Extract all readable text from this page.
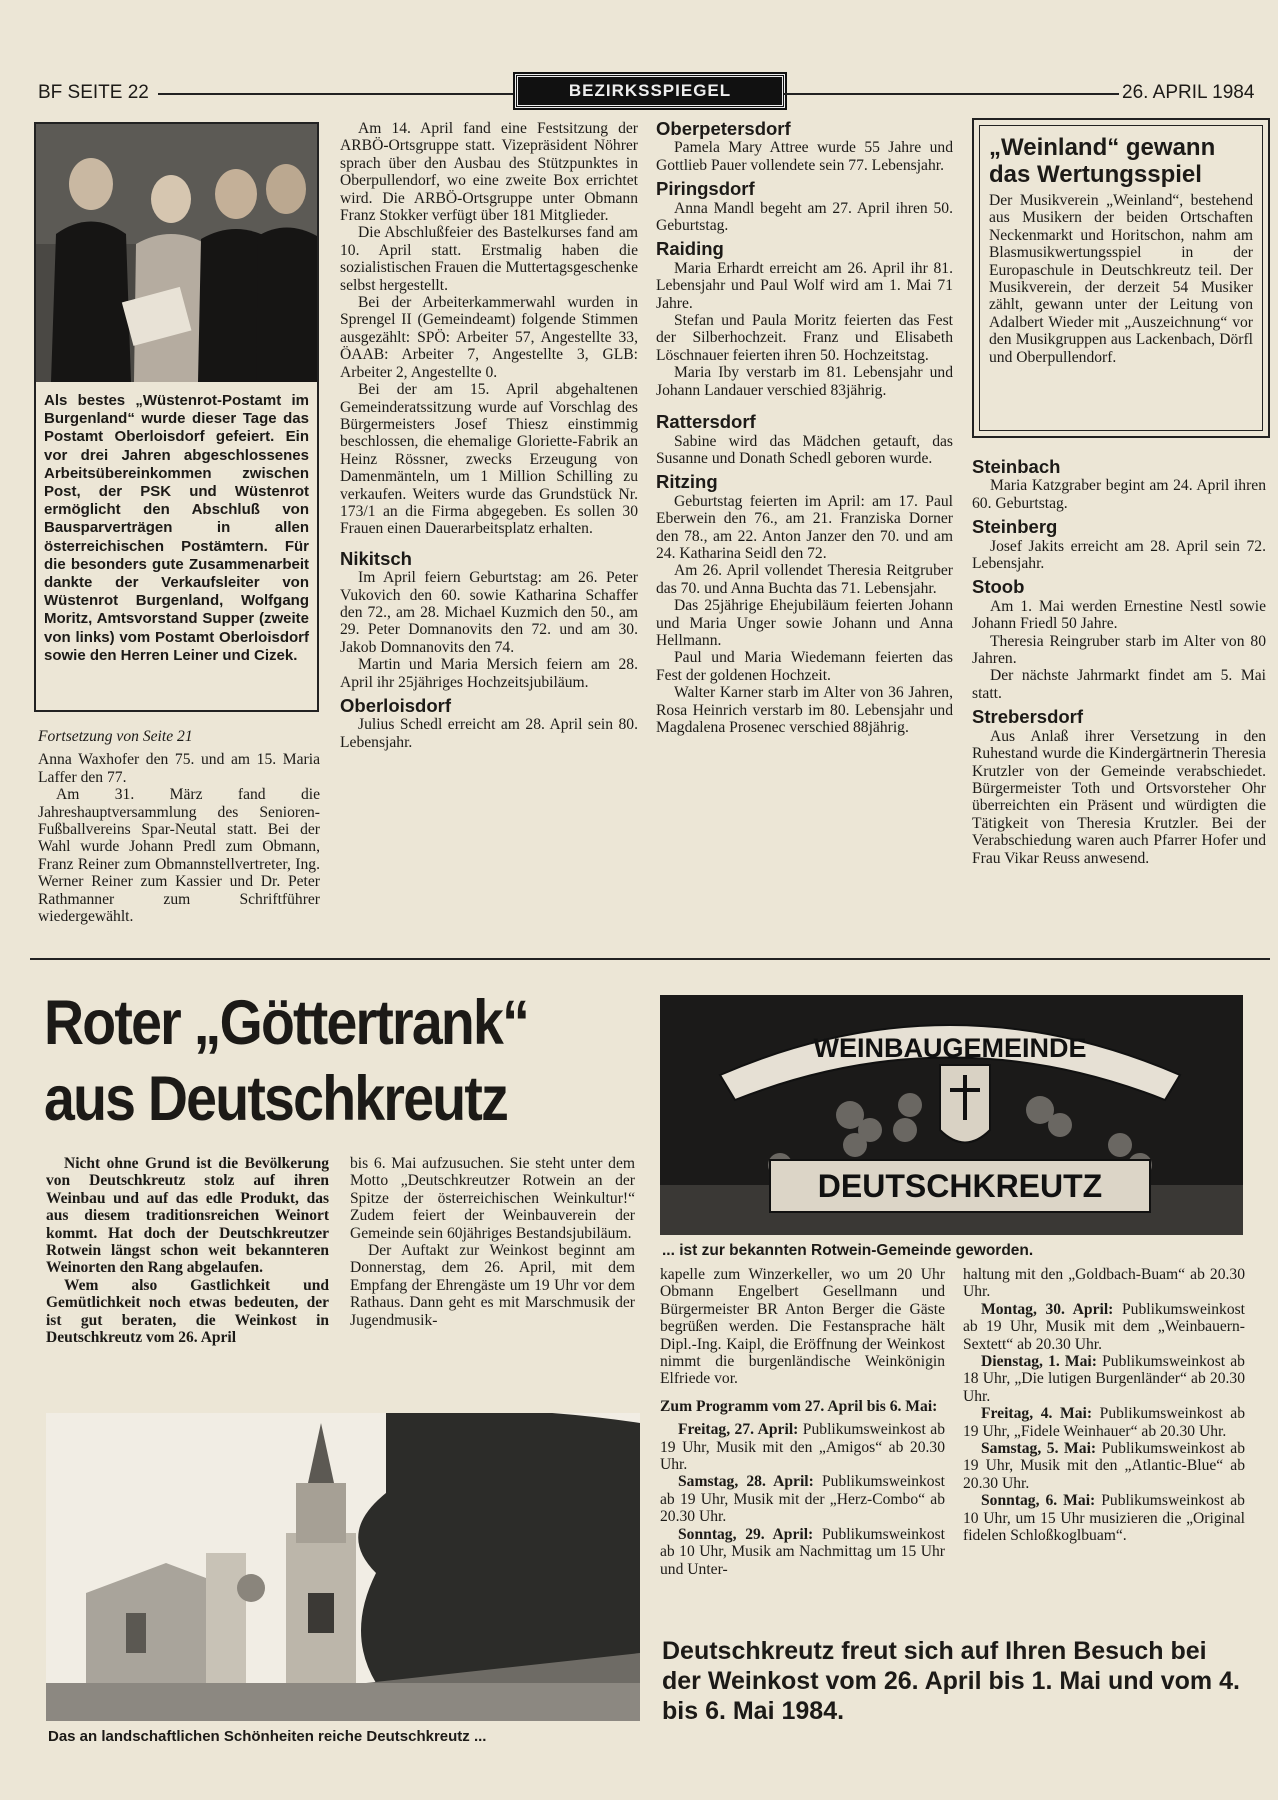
BF SEITE 22	BEZIRKSSPIEGEL	26. APRIL 1984
Als bestes „Wüstenrot-Postamt im Burgenland“ wurde dieser Tage das Postamt Oberloisdorf gefeiert. Ein vor drei Jahren abgeschlossenes Arbeitsübereinkommen zwischen Post, der PSK und Wüstenrot ermöglicht den Abschluß von Bausparverträgen in allen österreichischen Postämtern. Für die besonders gute Zusammenarbeit dankte der Verkaufsleiter von Wüstenrot Burgenland, Wolfgang Moritz, Amtsvorstand Supper (zweite von links) vom Postamt Oberloisdorf sowie den Herren Leiner und Cizek.
Fortsetzung von Seite 21

Anna Waxhofer den 75. und am 15. Maria Laffer den 77.

Am 31. März fand die Jahreshauptversammlung des Senioren-Fußballvereins Spar-Neutal statt. Bei der Wahl wurde Johann Predl zum Obmann, Franz Reiner zum Obmannstellvertreter, Ing. Werner Reiner zum Kassier und Dr. Peter Rathmanner zum Schriftführer wiedergewählt.

Am 14. April fand eine Festsitzung der ARBÖ-Ortsgruppe statt. Vizepräsident Nöhrer sprach über den Ausbau des Stützpunktes in Oberpullendorf, wo eine zweite Box errichtet wird. Die ARBÖ-Ortsgruppe unter Obmann Franz Stokker verfügt über 181 Mitglieder.

Die Abschlußfeier des Bastelkurses fand am 10. April statt. Erstmalig haben die sozialistischen Frauen die Muttertagsgeschenke selbst hergestellt.

Bei der Arbeiterkammerwahl wurden in Sprengel II (Gemeindeamt) folgende Stimmen ausgezählt: SPÖ: Arbeiter 57, Angestellte 33, ÖAAB: Arbeiter 7, Angestellte 3, GLB: Arbeiter 2, Angestellte 0.

Bei der am 15. April abgehaltenen Gemeinderatssitzung wurde auf Vorschlag des Bürgermeisters Josef Thiesz einstimmig beschlossen, die ehemalige Gloriette-Fabrik an Heinz Rössner, zwecks Erzeugung von Damenmänteln, um 1 Million Schilling zu verkaufen. Weiters wurde das Grundstück Nr. 173/1 an die Firma abgegeben. Es sollen 30 Frauen einen Dauerarbeitsplatz erhalten.

Nikitsch

Im April feiern Geburtstag: am 26. Peter Vukovich den 60. sowie Katharina Schaffer den 72., am 28. Michael Kuzmich den 50., am 29. Peter Domnanovits den 72. und am 30. Jakob Domnanovits den 74.

Martin und Maria Mersich feiern am 28. April ihr 25jähriges Hochzeitsjubiläum.

Oberloisdorf

Julius Schedl erreicht am 28. April sein 80. Lebensjahr.

Oberpetersdorf

Pamela Mary Attree wurde 55 Jahre und Gottlieb Pauer vollendete sein 77. Lebensjahr.

Piringsdorf

Anna Mandl begeht am 27. April ihren 50. Geburtstag.

Raiding

Maria Erhardt erreicht am 26. April ihr 81. Lebensjahr und Paul Wolf wird am 1. Mai 71 Jahre.

Stefan und Paula Moritz feierten das Fest der Silberhochzeit. Franz und Elisabeth Löschnauer feierten ihren 50. Hochzeitstag.

Maria Iby verstarb im 81. Lebensjahr und Johann Landauer verschied 83jährig.

Rattersdorf

Sabine wird das Mädchen getauft, das Susanne und Donath Schedl geboren wurde.

Ritzing

Geburtstag feierten im April: am 17. Paul Eberwein den 76., am 21. Franziska Dorner den 78., am 22. Anton Janzer den 70. und am 24. Katharina Seidl den 72.

Am 26. April vollendet Theresia Reitgruber das 70. und Anna Buchta das 71. Lebensjahr.

Das 25jährige Ehejubiläum feierten Johann und Maria Unger sowie Johann und Anna Hellmann.

Paul und Maria Wiedemann feierten das Fest der goldenen Hochzeit.

Walter Karner starb im Alter von 36 Jahren, Rosa Heinrich verstarb im 80. Lebensjahr und Magdalena Prosenec verschied 88jährig.

„Weinland“ gewann das Wertungsspiel
Der Musikverein „Weinland“, bestehend aus Musikern der beiden Ortschaften Neckenmarkt und Horitschon, nahm am Blasmusikwertungsspiel in der Europaschule in Deutschkreutz teil. Der Musikverein, der derzeit 54 Musiker zählt, gewann unter der Leitung von Adalbert Wieder mit „Auszeichnung“ vor den Musikgruppen aus Lackenbach, Dörfl und Oberpullendorf.
Steinbach

Maria Katzgraber begint am 24. April ihren 60. Geburtstag.

Steinberg

Josef Jakits erreicht am 28. April sein 72. Lebensjahr.

Stoob

Am 1. Mai werden Ernestine Nestl sowie Johann Friedl 50 Jahre.

Theresia Reingruber starb im Alter von 80 Jahren.

Der nächste Jahrmarkt findet am 5. Mai statt.

Strebersdorf

Aus Anlaß ihrer Versetzung in den Ruhestand wurde die Kindergärtnerin Theresia Krutzler von der Gemeinde verabschiedet. Bürgermeister Toth und Ortsvorsteher Ohr überreichten ein Präsent und würdigten die Tätigkeit von Theresia Krutzler. Bei der Verabschiedung waren auch Pfarrer Hofer und Frau Vikar Reuss anwesend.

Roter „Göttertrank“
aus Deutschkreutz
WEINBAUGEMEINDE
DEUTSCHKREUTZ
... ist zur bekannten Rotwein-Gemeinde geworden.

Nicht ohne Grund ist die Bevölkerung von Deutschkreutz stolz auf ihren Weinbau und auf das edle Produkt, das aus diesem traditionsreichen Weinort kommt. Hat doch der Deutschkreutzer Rotwein längst schon weit bekannteren Weinorten den Rang abgelaufen.

Wem also Gastlichkeit und Gemütlichkeit noch etwas bedeuten, der ist gut beraten, die Weinkost in Deutschkreutz vom 26. April

bis 6. Mai aufzusuchen. Sie steht unter dem Motto „Deutschkreutzer Rotwein an der Spitze der österreichischen Weinkultur!“ Zudem feiert der Weinbauverein der Gemeinde sein 60jähriges Bestandsjubiläum.

Der Auftakt zur Weinkost beginnt am Donnerstag, dem 26. April, mit dem Empfang der Ehrengäste um 19 Uhr vor dem Rathaus. Dann geht es mit Marschmusik der Jugendmusik-

Das an landschaftlichen Schönheiten reiche Deutschkreutz ...

kapelle zum Winzerkeller, wo um 20 Uhr Obmann Engelbert Gesellmann und Bürgermeister BR Anton Berger die Gäste begrüßen werden. Die Festansprache hält Dipl.-Ing. Kaipl, die Eröffnung der Weinkost nimmt die burgenländische Weinkönigin Elfriede vor.

Zum Programm vom 27. April bis 6. Mai:

Freitag, 27. April: Publikumsweinkost ab 19 Uhr, Musik mit den „Amigos“ ab 20.30 Uhr.

Samstag, 28. April: Publikumsweinkost ab 19 Uhr, Musik mit der „Herz-Combo“ ab 20.30 Uhr.

Sonntag, 29. April: Publikumsweinkost ab 10 Uhr, Musik am Nachmittag um 15 Uhr und Unter-

haltung mit den „Goldbach-Buam“ ab 20.30 Uhr.

Montag, 30. April: Publikumsweinkost ab 19 Uhr, Musik mit dem „Weinbauern-Sextett“ ab 20.30 Uhr.

Dienstag, 1. Mai: Publikumsweinkost ab 18 Uhr, „Die lutigen Burgenländer“ ab 20.30 Uhr.

Freitag, 4. Mai: Publikumsweinkost ab 19 Uhr, „Fidele Weinhauer“ ab 20.30 Uhr.

Samstag, 5. Mai: Publikumsweinkost ab 19 Uhr, Musik mit den „Atlantic-Blue“ ab 20.30 Uhr.

Sonntag, 6. Mai: Publikumsweinkost ab 10 Uhr, um 15 Uhr musizieren die „Original fidelen Schloßkoglbuam“.

Deutschkreutz freut sich auf Ihren Besuch bei der Weinkost vom 26. April bis 1. Mai und vom 4. bis 6. Mai 1984.
